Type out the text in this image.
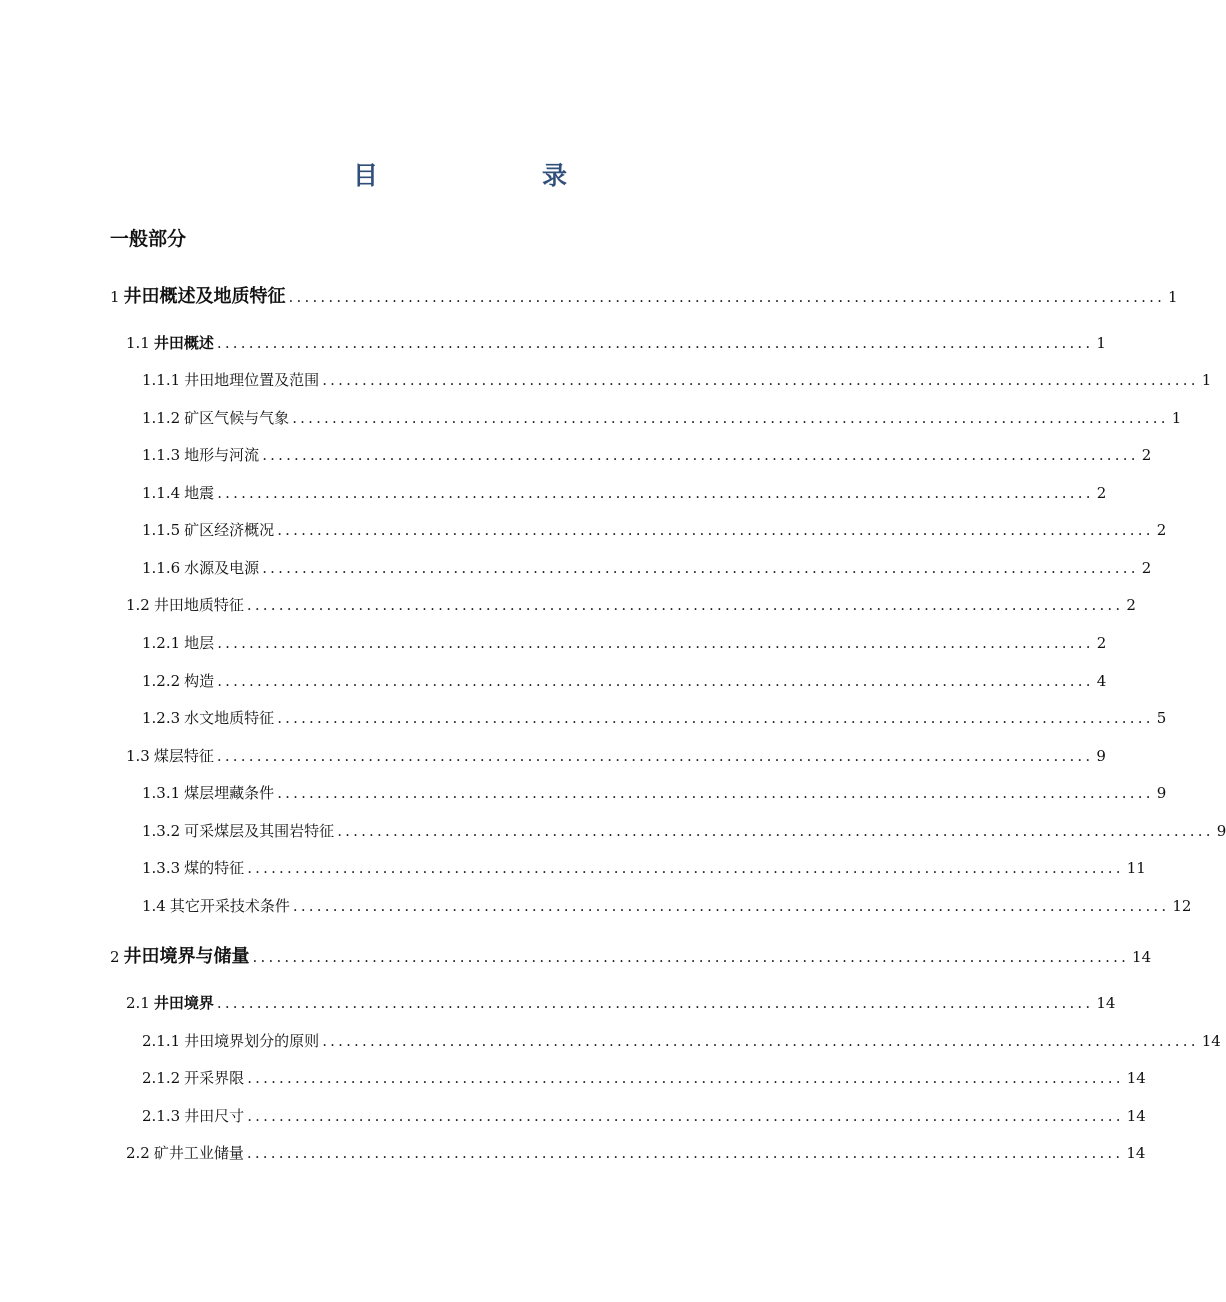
目　　录
一般部分
1 井田概述及地质特征 .............................................................................................................. 1
1.1 井田概述 .............................................................................................................. 1
1.1.1 井田地理位置及范围 .............................................................................................................. 1
1.1.2 矿区气候与气象 .............................................................................................................. 1
1.1.3 地形与河流 .............................................................................................................. 2
1.1.4 地震 .............................................................................................................. 2
1.1.5 矿区经济概况 .............................................................................................................. 2
1.1.6 水源及电源 .............................................................................................................. 2
1.2 井田地质特征 .............................................................................................................. 2
1.2.1 地层 .............................................................................................................. 2
1.2.2 构造 .............................................................................................................. 4
1.2.3 水文地质特征 .............................................................................................................. 5
1.3 煤层特征 .............................................................................................................. 9
1.3.1 煤层埋藏条件 .............................................................................................................. 9
1.3.2 可采煤层及其围岩特征 .............................................................................................................. 9
1.3.3 煤的特征 .............................................................................................................. 11
1.4 其它开采技术条件 .............................................................................................................. 12
2 井田境界与储量 .............................................................................................................. 14
2.1 井田境界 .............................................................................................................. 14
2.1.1 井田境界划分的原则 .............................................................................................................. 14
2.1.2 开采界限 .............................................................................................................. 14
2.1.3 井田尺寸 .............................................................................................................. 14
2.2 矿井工业储量 .............................................................................................................. 14
